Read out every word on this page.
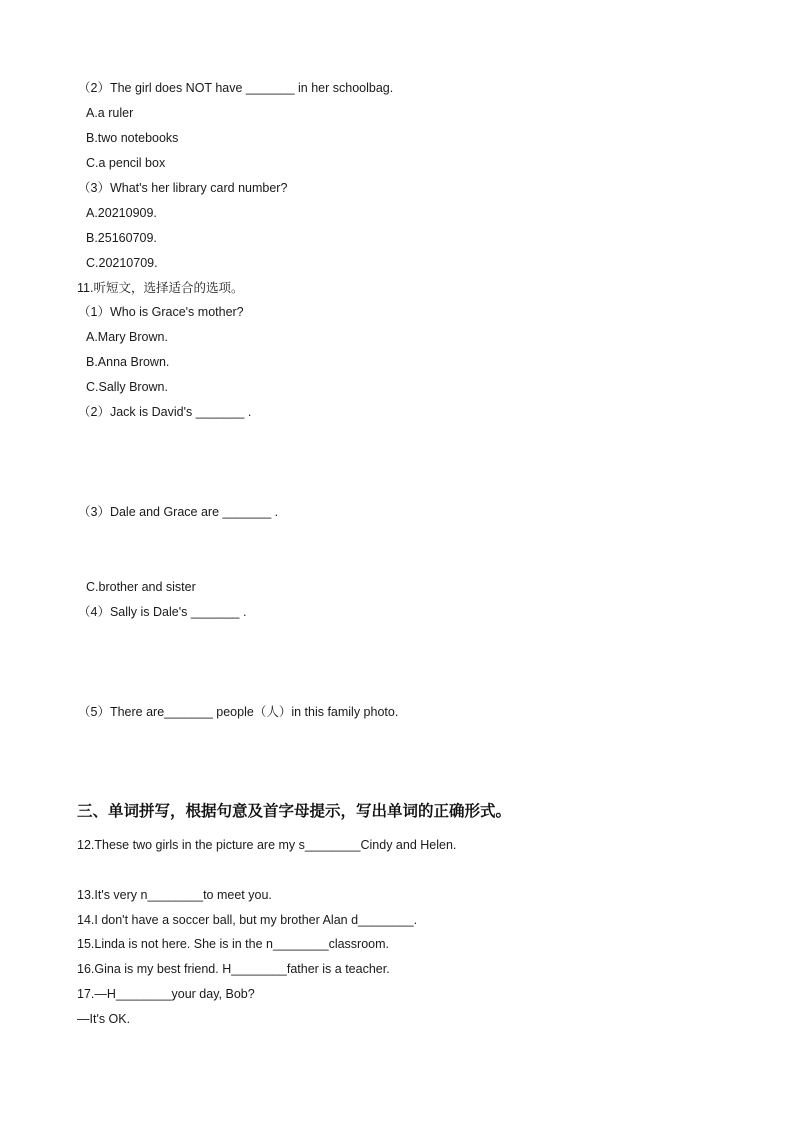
（2）The girl does NOT have _______ in her schoolbag.
A.a ruler
B.two notebooks
C.a pencil box
（3）What's her library card number?
A.20210909.
B.25160709.
C.20210709.
11.听短文，选择适合的选项。
（1）Who is Grace's mother?
A.Mary Brown.
B.Anna Brown.
C.Sally Brown.
（2）Jack is David's _______ .
（3）Dale and Grace are _______ .
C.brother and sister
（4）Sally is Dale's _______ .
（5）There are_______ people（人）in this family photo.
三、单词拼写，根据句意及首字母提示，写出单词的正确形式。
12.These two girls in the picture are my s________Cindy and Helen.
13.It's very n________to meet you.
14.I don't have a soccer ball, but my brother Alan d________.
15.Linda is not here. She is in the n________classroom.
16.Gina is my best friend. H________father is a teacher.
17.—H________your day, Bob?
—It's OK.
